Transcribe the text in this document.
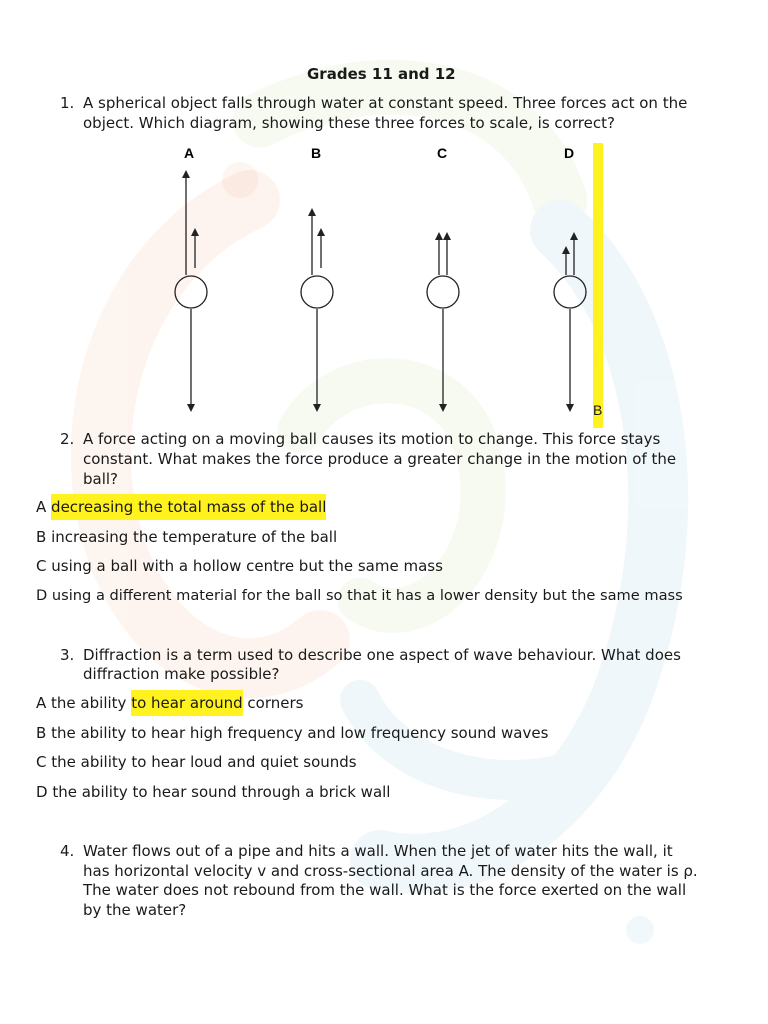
Grades 11 and 12
1. A spherical object falls through water at constant speed. Three forces act on the
object. Which diagram, showing these three forces to scale, is correct?
A	B	C	D
B
2. A force acting on a moving ball causes its motion to change. This force stays
constant. What makes the force produce a greater change in the motion of the
ball?
A decreasing the total mass of the ball
B increasing the temperature of the ball
C using a ball with a hollow centre but the same mass
D using a different material for the ball so that it has a lower density but the same mass
3. Diffraction is a term used to describe one aspect of wave behaviour. What does
diffraction make possible?
A the ability to hear around corners
B the ability to hear high frequency and low frequency sound waves
C the ability to hear loud and quiet sounds
D the ability to hear sound through a brick wall
4. Water flows out of a pipe and hits a wall. When the jet of water hits the wall, it
has horizontal velocity v and cross-sectional area A. The density of the water is ρ.
The water does not rebound from the wall. What is the force exerted on the wall
by the water?
